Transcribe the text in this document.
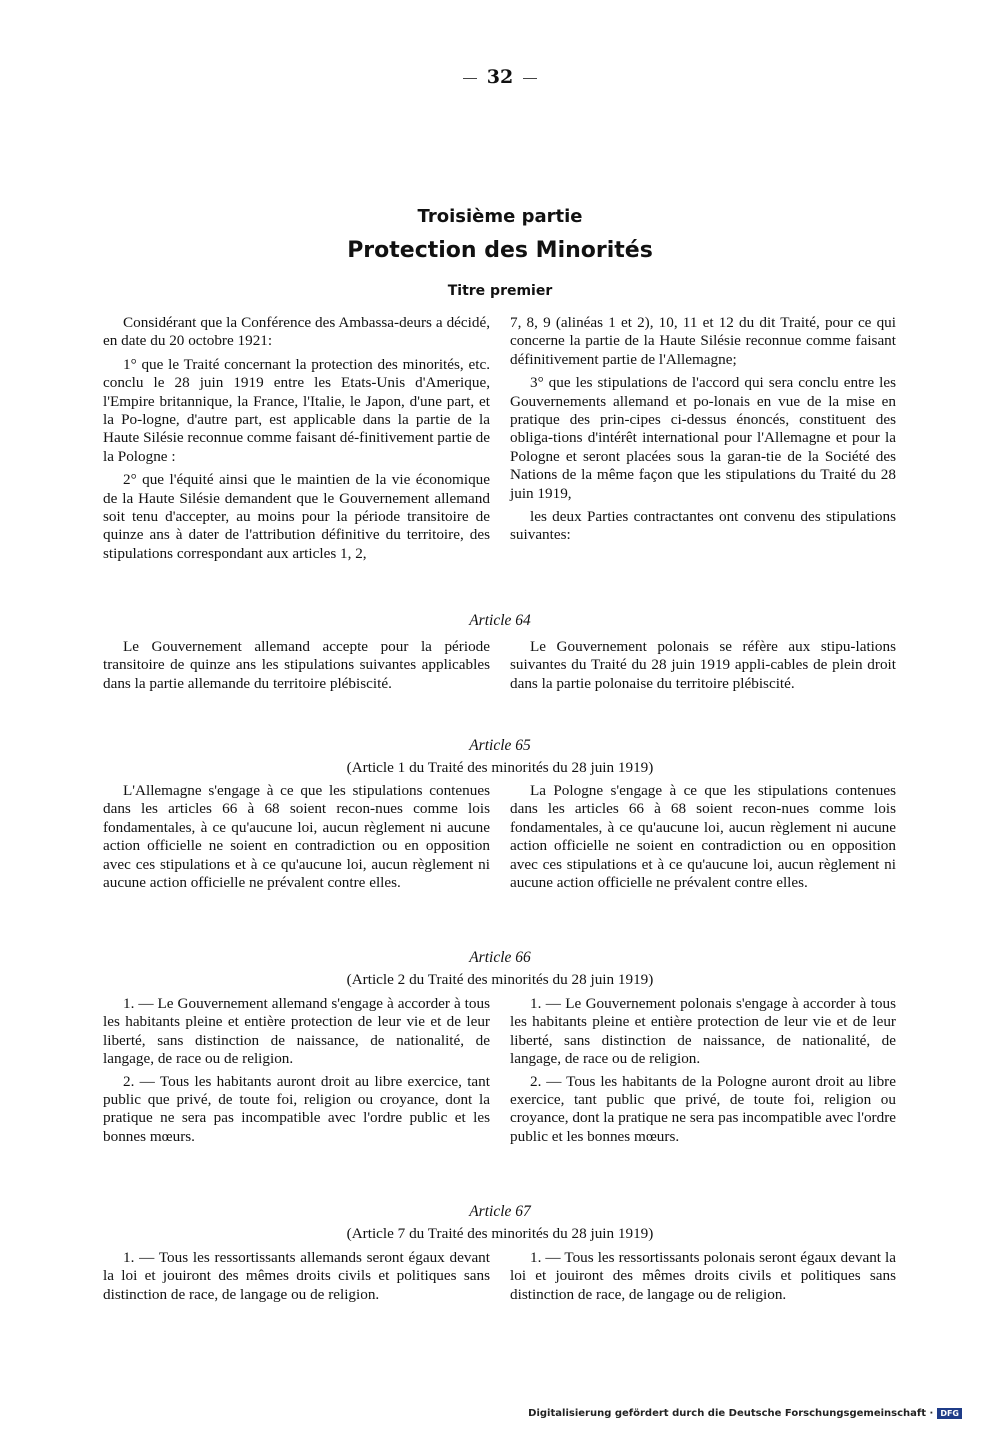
32
Troisième partie
Protection des Minorités
Titre premier

Considérant que la Conférence des Ambassa-deurs a décidé, en date du 20 octobre 1921:

1° que le Traité concernant la protection des minorités, etc. conclu le 28 juin 1919 entre les Etats-Unis d'Amerique, l'Empire britannique, la France, l'Italie, le Japon, d'une part, et la Po-logne, d'autre part, est applicable dans la partie de la Haute Silésie reconnue comme faisant dé-finitivement partie de la Pologne :

2° que l'équité ainsi que le maintien de la vie économique de la Haute Silésie demandent que le Gouvernement allemand soit tenu d'accepter, au moins pour la période transitoire de quinze ans à dater de l'attribution définitive du territoire, des stipulations correspondant aux articles 1, 2,

7, 8, 9 (alinéas 1 et 2), 10, 11 et 12 du dit Traité, pour ce qui concerne la partie de la Haute Silésie reconnue comme faisant définitivement partie de l'Allemagne;

3° que les stipulations de l'accord qui sera conclu entre les Gouvernements allemand et po-lonais en vue de la mise en pratique des prin-cipes ci-dessus énoncés, constituent des obliga-tions d'intérêt international pour l'Allemagne et pour la Pologne et seront placées sous la garan-tie de la Société des Nations de la même façon que les stipulations du Traité du 28 juin 1919,

les deux Parties contractantes ont convenu des stipulations suivantes:

Article 64

Le Gouvernement allemand accepte pour la période transitoire de quinze ans les stipulations suivantes applicables dans la partie allemande du territoire plébiscité.

Le Gouvernement polonais se réfère aux stipu-lations suivantes du Traité du 28 juin 1919 appli-cables de plein droit dans la partie polonaise du territoire plébiscité.

Article 65
(Article 1 du Traité des minorités du 28 juin 1919)

L'Allemagne s'engage à ce que les stipulations contenues dans les articles 66 à 68 soient recon-nues comme lois fondamentales, à ce qu'aucune loi, aucun règlement ni aucune action officielle ne soient en contradiction ou en opposition avec ces stipulations et à ce qu'aucune loi, aucun règlement ni aucune action officielle ne prévalent contre elles.

La Pologne s'engage à ce que les stipulations contenues dans les articles 66 à 68 soient recon-nues comme lois fondamentales, à ce qu'aucune loi, aucun règlement ni aucune action officielle ne soient en contradiction ou en opposition avec ces stipulations et à ce qu'aucune loi, aucun règlement ni aucune action officielle ne prévalent contre elles.

Article 66
(Article 2 du Traité des minorités du 28 juin 1919)

1. — Le Gouvernement allemand s'engage à accorder à tous les habitants pleine et entière protection de leur vie et de leur liberté, sans distinction de naissance, de nationalité, de langage, de race ou de religion.

2. — Tous les habitants auront droit au libre exercice, tant public que privé, de toute foi, religion ou croyance, dont la pratique ne sera pas incompatible avec l'ordre public et les bonnes mœurs.

1. — Le Gouvernement polonais s'engage à accorder à tous les habitants pleine et entière protection de leur vie et de leur liberté, sans distinction de naissance, de nationalité, de langage, de race ou de religion.

2. — Tous les habitants de la Pologne auront droit au libre exercice, tant public que privé, de toute foi, religion ou croyance, dont la pratique ne sera pas incompatible avec l'ordre public et les bonnes mœurs.

Article 67
(Article 7 du Traité des minorités du 28 juin 1919)

1. — Tous les ressortissants allemands seront égaux devant la loi et jouiront des mêmes droits civils et politiques sans distinction de race, de langage ou de religion.

1. — Tous les ressortissants polonais seront égaux devant la loi et jouiront des mêmes droits civils et politiques sans distinction de race, de langage ou de religion.

Digitalisierung gefördert durch die Deutsche Forschungsgemeinschaft · DFG
